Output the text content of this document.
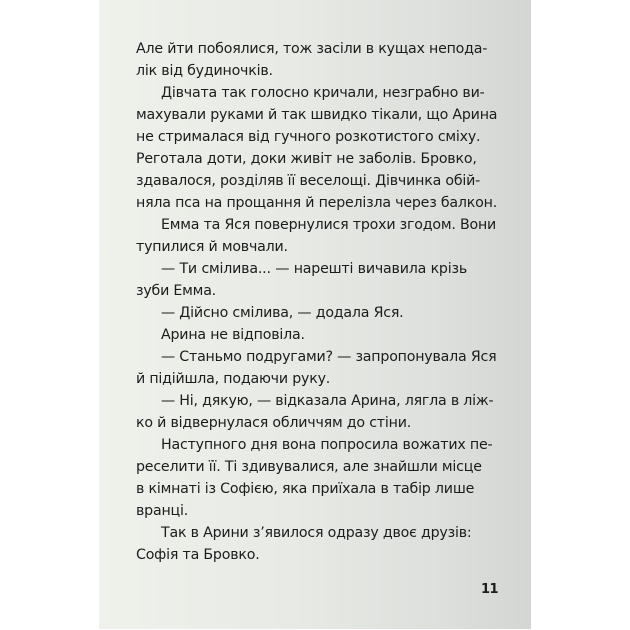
Але йти побоялися, тож засіли в кущах непода-
лік від будиночків.
Дівчата так голосно кричали, незграбно ви-
махували руками й так швидко тікали, що Арина
не стрималася від гучного розкотистого сміху.
Реготала доти, доки живіт не заболів. Бровко,
здавалося, розділяв її веселощі. Дівчинка обій-
няла пса на прощання й перелізла через балкон.
Емма та Яся повернулися трохи згодом. Вони
тупилися й мовчали.
— Ти смілива... — нарешті вичавила крізь
зуби Емма.
— Дійсно смілива, — додала Яся.
Арина не відповіла.
— Станьмо подругами? — запропонувала Яся
й підійшла, подаючи руку.
— Ні, дякую, — відказала Арина, лягла в ліж-
ко й відвернулася обличчям до стіни.
Наступного дня вона попросила вожатих пе-
реселити її. Ті здивувалися, але знайшли місце
в кімнаті із Софією, яка приїхала в табір лише
вранці.
Так в Арини з’явилося одразу двоє друзів:
Софія та Бровко.
11
